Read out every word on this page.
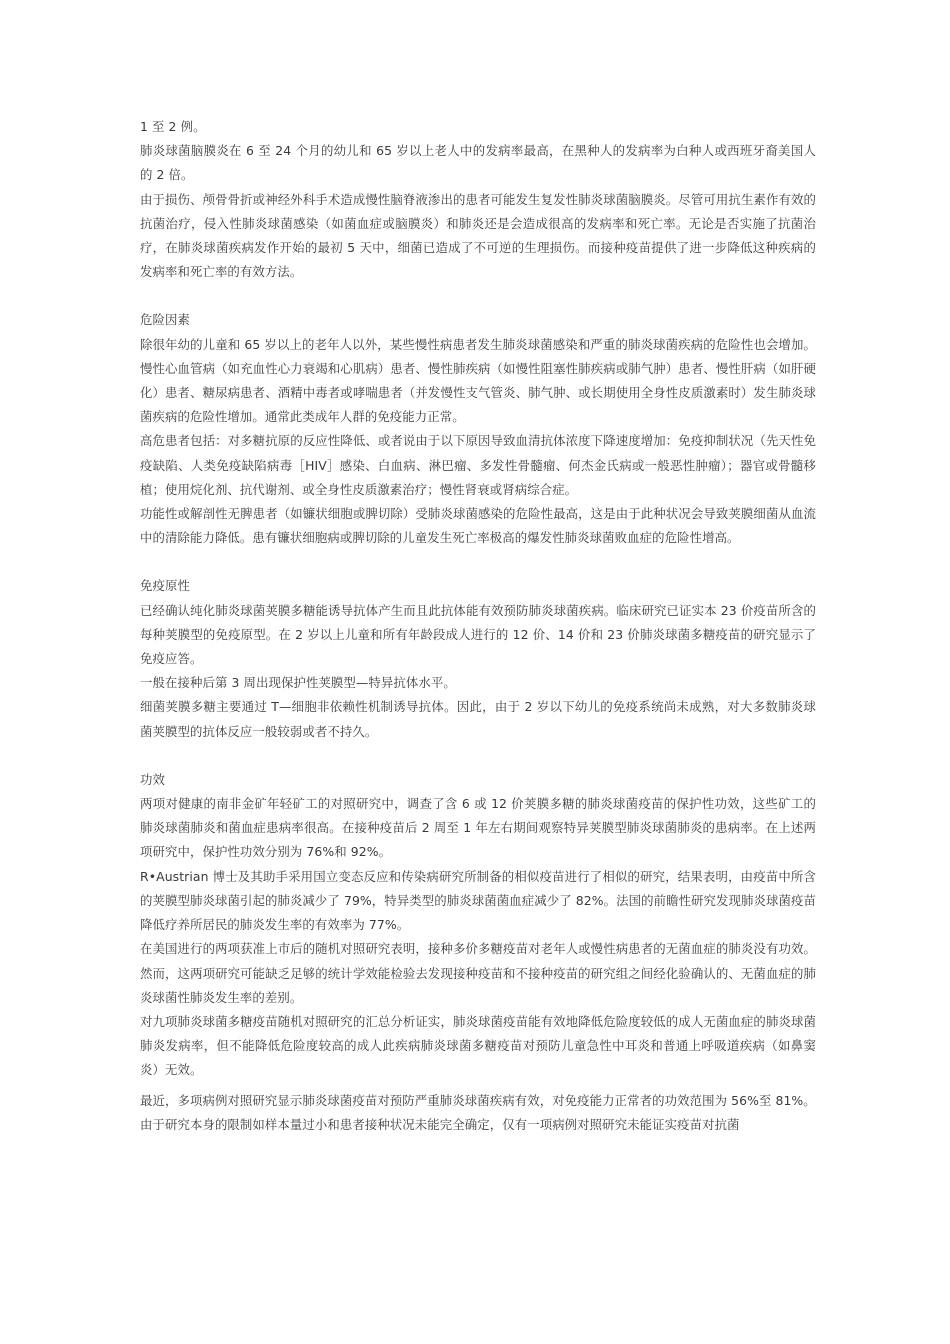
1 至 2 例。

肺炎球菌脑膜炎在 6 至 24 个月的幼儿和 65 岁以上老人中的发病率最高，在黑种人的发病率为白种人或西班牙裔美国人的 2 倍。

由于损伤、颅骨骨折或神经外科手术造成慢性脑脊液渗出的患者可能发生复发性肺炎球菌脑膜炎。尽管可用抗生素作有效的抗菌治疗，侵入性肺炎球菌感染（如菌血症或脑膜炎）和肺炎还是会造成很高的发病率和死亡率。无论是否实施了抗菌治疗，在肺炎球菌疾病发作开始的最初 5 天中，细菌已造成了不可逆的生理损伤。而接种疫苗提供了进一步降低这种疾病的发病率和死亡率的有效方法。

危险因素

除很年幼的儿童和 65 岁以上的老年人以外，某些慢性病患者发生肺炎球菌感染和严重的肺炎球菌疾病的危险性也会增加。慢性心血管病（如充血性心力衰竭和心肌病）患者、慢性肺疾病（如慢性阻塞性肺疾病或肺气肿）患者、慢性肝病（如肝硬化）患者、糖尿病患者、酒精中毒者或哮喘患者（并发慢性支气管炎、肺气肿、或长期使用全身性皮质激素时）发生肺炎球菌疾病的危险性增加。通常此类成年人群的免疫能力正常。

高危患者包括：对多糖抗原的反应性降低、或者说由于以下原因导致血清抗体浓度下降速度增加：免疫抑制状况（先天性免疫缺陷、人类免疫缺陷病毒［HIV］感染、白血病、淋巴瘤、多发性骨髓瘤、何杰金氏病或一般恶性肿瘤）；器官或骨髓移植；使用烷化剂、抗代谢剂、或全身性皮质激素治疗；慢性肾衰或肾病综合症。

功能性或解剖性无脾患者（如镰状细胞或脾切除）受肺炎球菌感染的危险性最高，这是由于此种状况会导致荚膜细菌从血流中的清除能力降低。患有镰状细胞病或脾切除的儿童发生死亡率极高的爆发性肺炎球菌败血症的危险性增高。

免疫原性

已经确认纯化肺炎球菌荚膜多糖能诱导抗体产生而且此抗体能有效预防肺炎球菌疾病。临床研究已证实本 23 价疫苗所含的每种荚膜型的免疫原型。在 2 岁以上儿童和所有年龄段成人进行的 12 价、14 价和 23 价肺炎球菌多糖疫苗的研究显示了免疫应答。

一般在接种后第 3 周出现保护性荚膜型—特异抗体水平。

细菌荚膜多糖主要通过 T—细胞非依赖性机制诱导抗体。因此，由于 2 岁以下幼儿的免疫系统尚未成熟，对大多数肺炎球菌荚膜型的抗体反应一般较弱或者不持久。

功效

两项对健康的南非金矿年轻矿工的对照研究中，调查了含 6 或 12 价荚膜多糖的肺炎球菌疫苗的保护性功效，这些矿工的肺炎球菌肺炎和菌血症患病率很高。在接种疫苗后 2 周至 1 年左右期间观察特异荚膜型肺炎球菌肺炎的患病率。在上述两项研究中，保护性功效分别为 76%和 92%。

R•Austrian 博士及其助手采用国立变态反应和传染病研究所制备的相似疫苗进行了相似的研究，结果表明，由疫苗中所含的荚膜型肺炎球菌引起的肺炎减少了 79%，特异类型的肺炎球菌菌血症减少了 82%。法国的前瞻性研究发现肺炎球菌疫苗降低疗养所居民的肺炎发生率的有效率为 77%。

在美国进行的两项获准上市后的随机对照研究表明，接种多价多糖疫苗对老年人或慢性病患者的无菌血症的肺炎没有功效。然而，这两项研究可能缺乏足够的统计学效能检验去发现接种疫苗和不接种疫苗的研究组之间经化验确认的、无菌血症的肺炎球菌性肺炎发生率的差别。

对九项肺炎球菌多糖疫苗随机对照研究的汇总分析证实，肺炎球菌疫苗能有效地降低危险度较低的成人无菌血症的肺炎球菌肺炎发病率，但不能降低危险度较高的成人此疾病肺炎球菌多糖疫苗对预防儿童急性中耳炎和普通上呼吸道疾病（如鼻窦炎）无效。

最近，多项病例对照研究显示肺炎球菌疫苗对预防严重肺炎球菌疾病有效，对免疫能力正常者的功效范围为 56%至 81%。

由于研究本身的限制如样本量过小和患者接种状况未能完全确定，仅有一项病例对照研究未能证实疫苗对抗菌
